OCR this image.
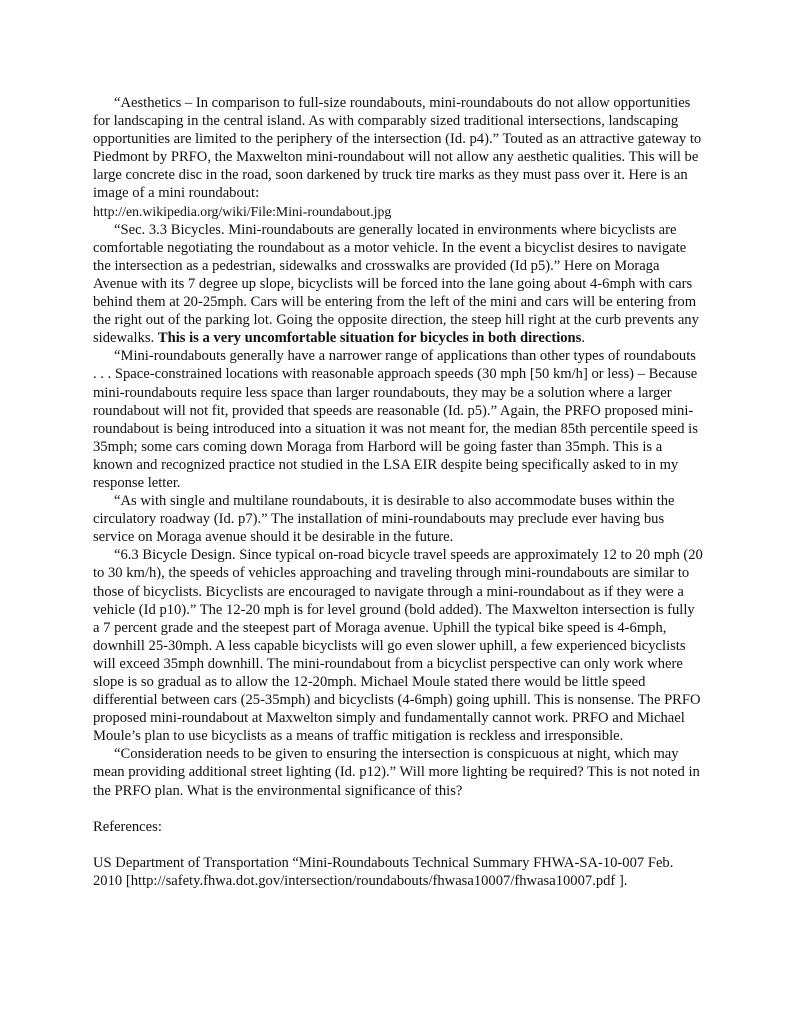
“Aesthetics – In comparison to full-size roundabouts, mini-roundabouts do not allow opportunities for landscaping in the central island. As with comparably sized traditional intersections, landscaping opportunities are limited to the periphery of the intersection (Id. p4).” Touted as an attractive gateway to Piedmont by PRFO, the Maxwelton mini-roundabout will not allow any aesthetic qualities. This will be large concrete disc in the road, soon darkened by truck tire marks as they must pass over it. Here is an image of a mini roundabout:
http://en.wikipedia.org/wiki/File:Mini-roundabout.jpg

“Sec. 3.3 Bicycles. Mini-roundabouts are generally located in environments where bicyclists are comfortable negotiating the roundabout as a motor vehicle. In the event a bicyclist desires to navigate the intersection as a pedestrian, sidewalks and crosswalks are provided (Id p5).” Here on Moraga Avenue with its 7 degree up slope, bicyclists will be forced into the lane going about 4-6mph with cars behind them at 20-25mph. Cars will be entering from the left of the mini and cars will be entering from the right out of the parking lot. Going the opposite direction, the steep hill right at the curb prevents any sidewalks. This is a very uncomfortable situation for bicycles in both directions.

“Mini-roundabouts generally have a narrower range of applications than other types of roundabouts . . . Space-constrained locations with reasonable approach speeds (30 mph [50 km/h] or less) – Because mini-roundabouts require less space than larger roundabouts, they may be a solution where a larger roundabout will not fit, provided that speeds are reasonable (Id. p5).” Again, the PRFO proposed mini-roundabout is being introduced into a situation it was not meant for, the median 85th percentile speed is 35mph; some cars coming down Moraga from Harbord will be going faster than 35mph. This is a known and recognized practice not studied in the LSA EIR despite being specifically asked to in my response letter.

“As with single and multilane roundabouts, it is desirable to also accommodate buses within the circulatory roadway (Id. p7).” The installation of mini-roundabouts may preclude ever having bus service on Moraga avenue should it be desirable in the future.

“6.3 Bicycle Design. Since typical on-road bicycle travel speeds are approximately 12 to 20 mph (20 to 30 km/h), the speeds of vehicles approaching and traveling through mini-roundabouts are similar to those of bicyclists. Bicyclists are encouraged to navigate through a mini-roundabout as if they were a vehicle (Id p10).” The 12-20 mph is for level ground (bold added). The Maxwelton intersection is fully a 7 percent grade and the steepest part of Moraga avenue. Uphill the typical bike speed is 4-6mph, downhill 25-30mph. A less capable bicyclists will go even slower uphill, a few experienced bicyclists will exceed 35mph downhill. The mini-roundabout from a bicyclist perspective can only work where slope is so gradual as to allow the 12-20mph. Michael Moule stated there would be little speed differential between cars (25-35mph) and bicyclists (4-6mph) going uphill. This is nonsense. The PRFO proposed mini-roundabout at Maxwelton simply and fundamentally cannot work. PRFO and Michael Moule’s plan to use bicyclists as a means of traffic mitigation is reckless and irresponsible.

“Consideration needs to be given to ensuring the intersection is conspicuous at night, which may mean providing additional street lighting (Id. p12).” Will more lighting be required? This is not noted in the PRFO plan. What is the environmental significance of this?

References:

US Department of Transportation “Mini-Roundabouts Technical Summary FHWA-SA-10-007 Feb. 2010 [http://safety.fhwa.dot.gov/intersection/roundabouts/fhwasa10007/fhwasa10007.pdf ].
